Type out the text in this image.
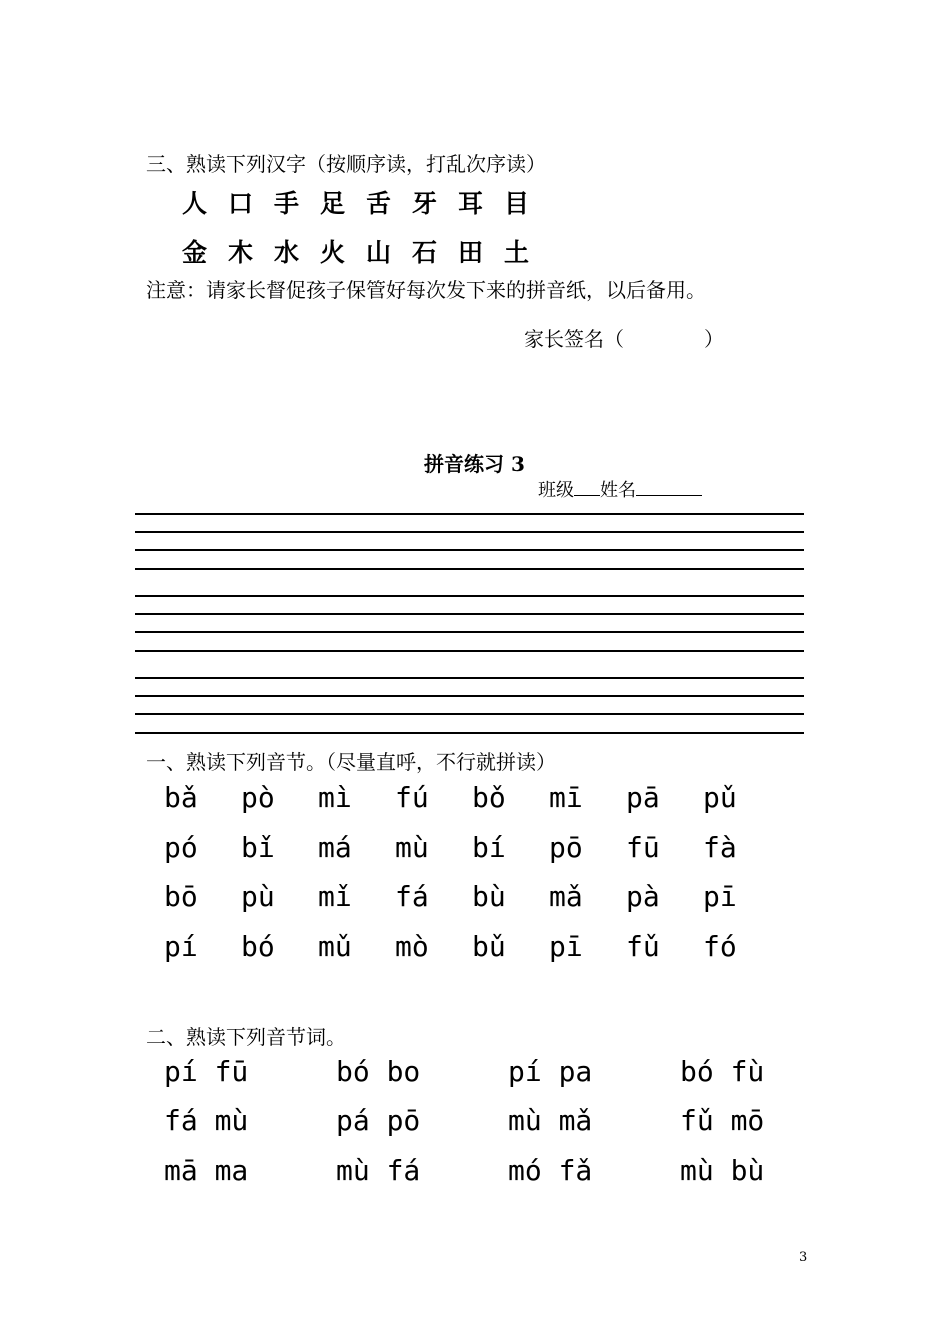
三、熟读下列汉字（按顺序读，打乱次序读）
人 口 手 足 舌 牙 耳 目
金 木 水 火 山 石 田 土
注意：请家长督促孩子保管好每次发下来的拼音纸，以后备用。
家长签名（　　　　）
拼音练习 3
班级 姓名
一、熟读下列音节。（尽量直呼，不行就拼读）
bǎ pò mì fú bǒ mī pā pǔ
pó bǐ má mù bí pō fū fà
bō pù mǐ fá bù mǎ pà pī
pí bó mǔ mò bǔ pī fǔ fó
二、熟读下列音节词。
pí fū	bó bo	pí pa	bó fù
fá mù	pá pō	mù mǎ	fǔ mō
mā ma	mù fá	mó fǎ	mù bù
3
